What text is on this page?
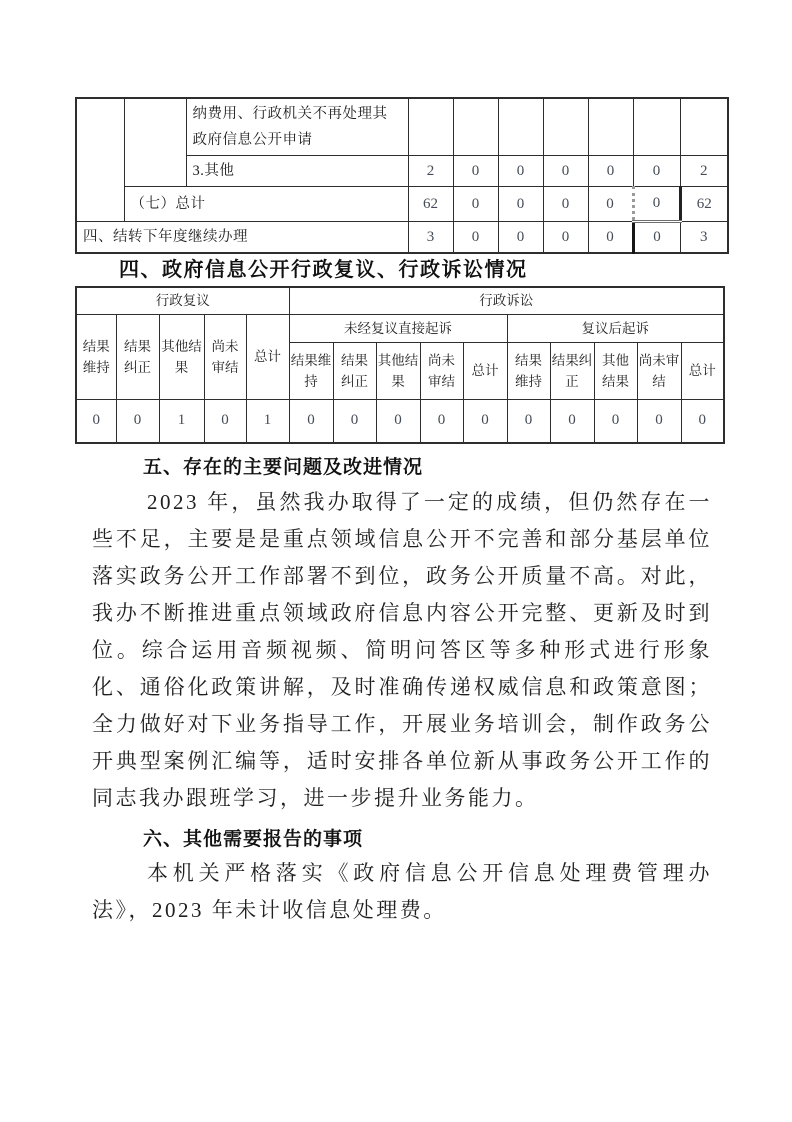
		纳费用、行政机关不再处理其政府信息公开申请							
		3.其他	2	0	0	0	0	0	2
	（七）总计		62	0	0	0	0	0	62
四、结转下年度继续办理			3	0	0	0	0	0	3
四、政府信息公开行政复议、行政诉讼情况
行政复议					行政诉讼									
结果维持	结果纠正	其他结果	尚未审结	总计	未经复议直接起诉					复议后起诉				
					结果维持	结果纠正	其他结果	尚未审结	总计	结果维持	结果纠正	其他结果	尚未审结	总计
0	0	1	0	1	0	0	0	0	0	0	0	0	0	0
五、存在的主要问题及改进情况
2023 年，虽然我办取得了一定的成绩，但仍然存在一些不足，主要是是重点领域信息公开不完善和部分基层单位落实政务公开工作部署不到位，政务公开质量不高。对此，我办不断推进重点领域政府信息内容公开完整、更新及时到位。综合运用音频视频、简明问答区等多种形式进行形象化、通俗化政策讲解，及时准确传递权威信息和政策意图；全力做好对下业务指导工作，开展业务培训会，制作政务公开典型案例汇编等，适时安排各单位新从事政务公开工作的同志我办跟班学习，进一步提升业务能力。
六、其他需要报告的事项
本机关严格落实《政府信息公开信息处理费管理办法》，2023 年未计收信息处理费。
